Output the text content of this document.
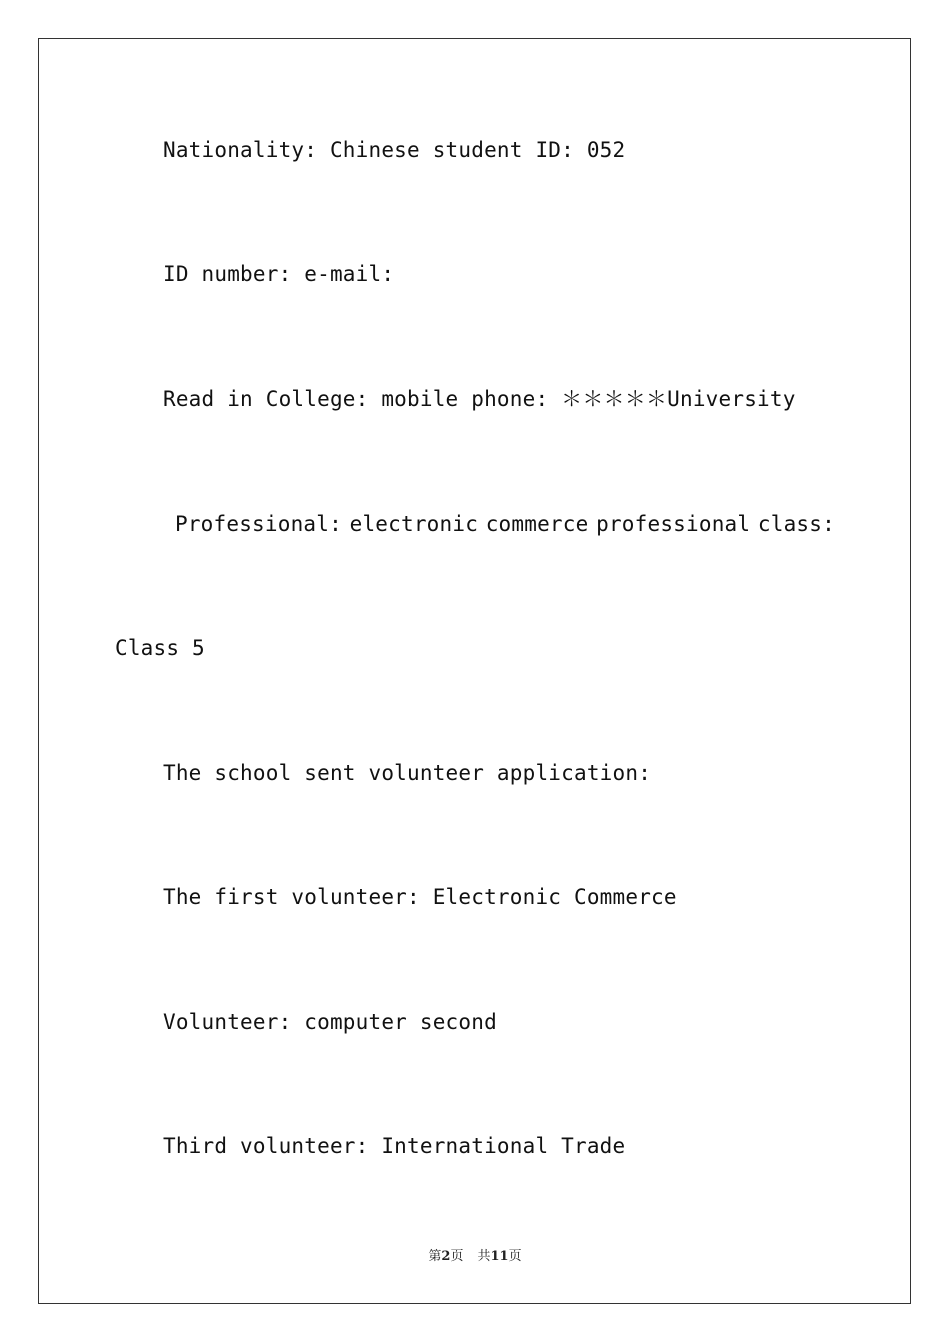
Nationality: Chinese student ID: 052
ID number: e-mail:
Read in College: mobile phone: ＊＊＊＊＊University
Professional: electronic commerce professional class:
Class 5
The school sent volunteer application:
The first volunteer: Electronic Commerce
Volunteer: computer second
Third volunteer: International Trade
第2页 共11页
